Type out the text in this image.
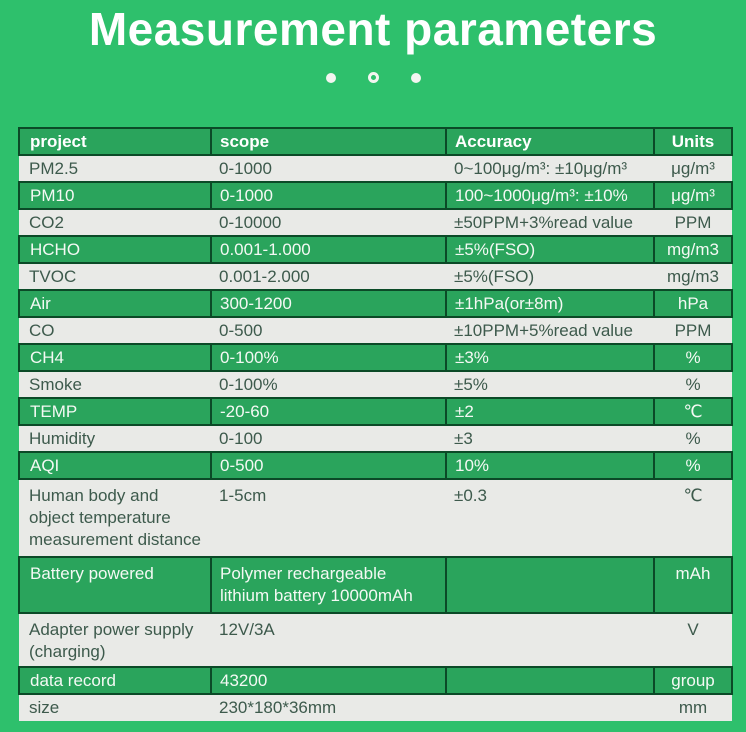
Measurement parameters
project	scope	Accuracy	Units
PM2.5	0-1000	0~100μg/m³: ±10μg/m³	μg/m³
PM10	0-1000	100~1000μg/m³: ±10%	μg/m³
CO2	0-10000	±50PPM+3%read value	PPM
HCHO	0.001-1.000	±5%(FSO)	mg/m3
TVOC	0.001-2.000	±5%(FSO)	mg/m3
Air	300-1200	±1hPa(or±8m)	hPa
CO	0-500	±10PPM+5%read value	PPM
CH4	0-100%	±3%	%
Smoke	0-100%	±5%	%
TEMP	-20-60	±2	℃
Humidity	0-100	±3	%
AQI	0-500	10%	%
Human body and object temperature measurement distance	1-5cm	±0.3	℃
Battery powered	Polymer rechargeable lithium battery 10000mAh		mAh
Adapter power supply (charging)	12V/3A		V
data record	43200		group
size	230*180*36mm		mm
